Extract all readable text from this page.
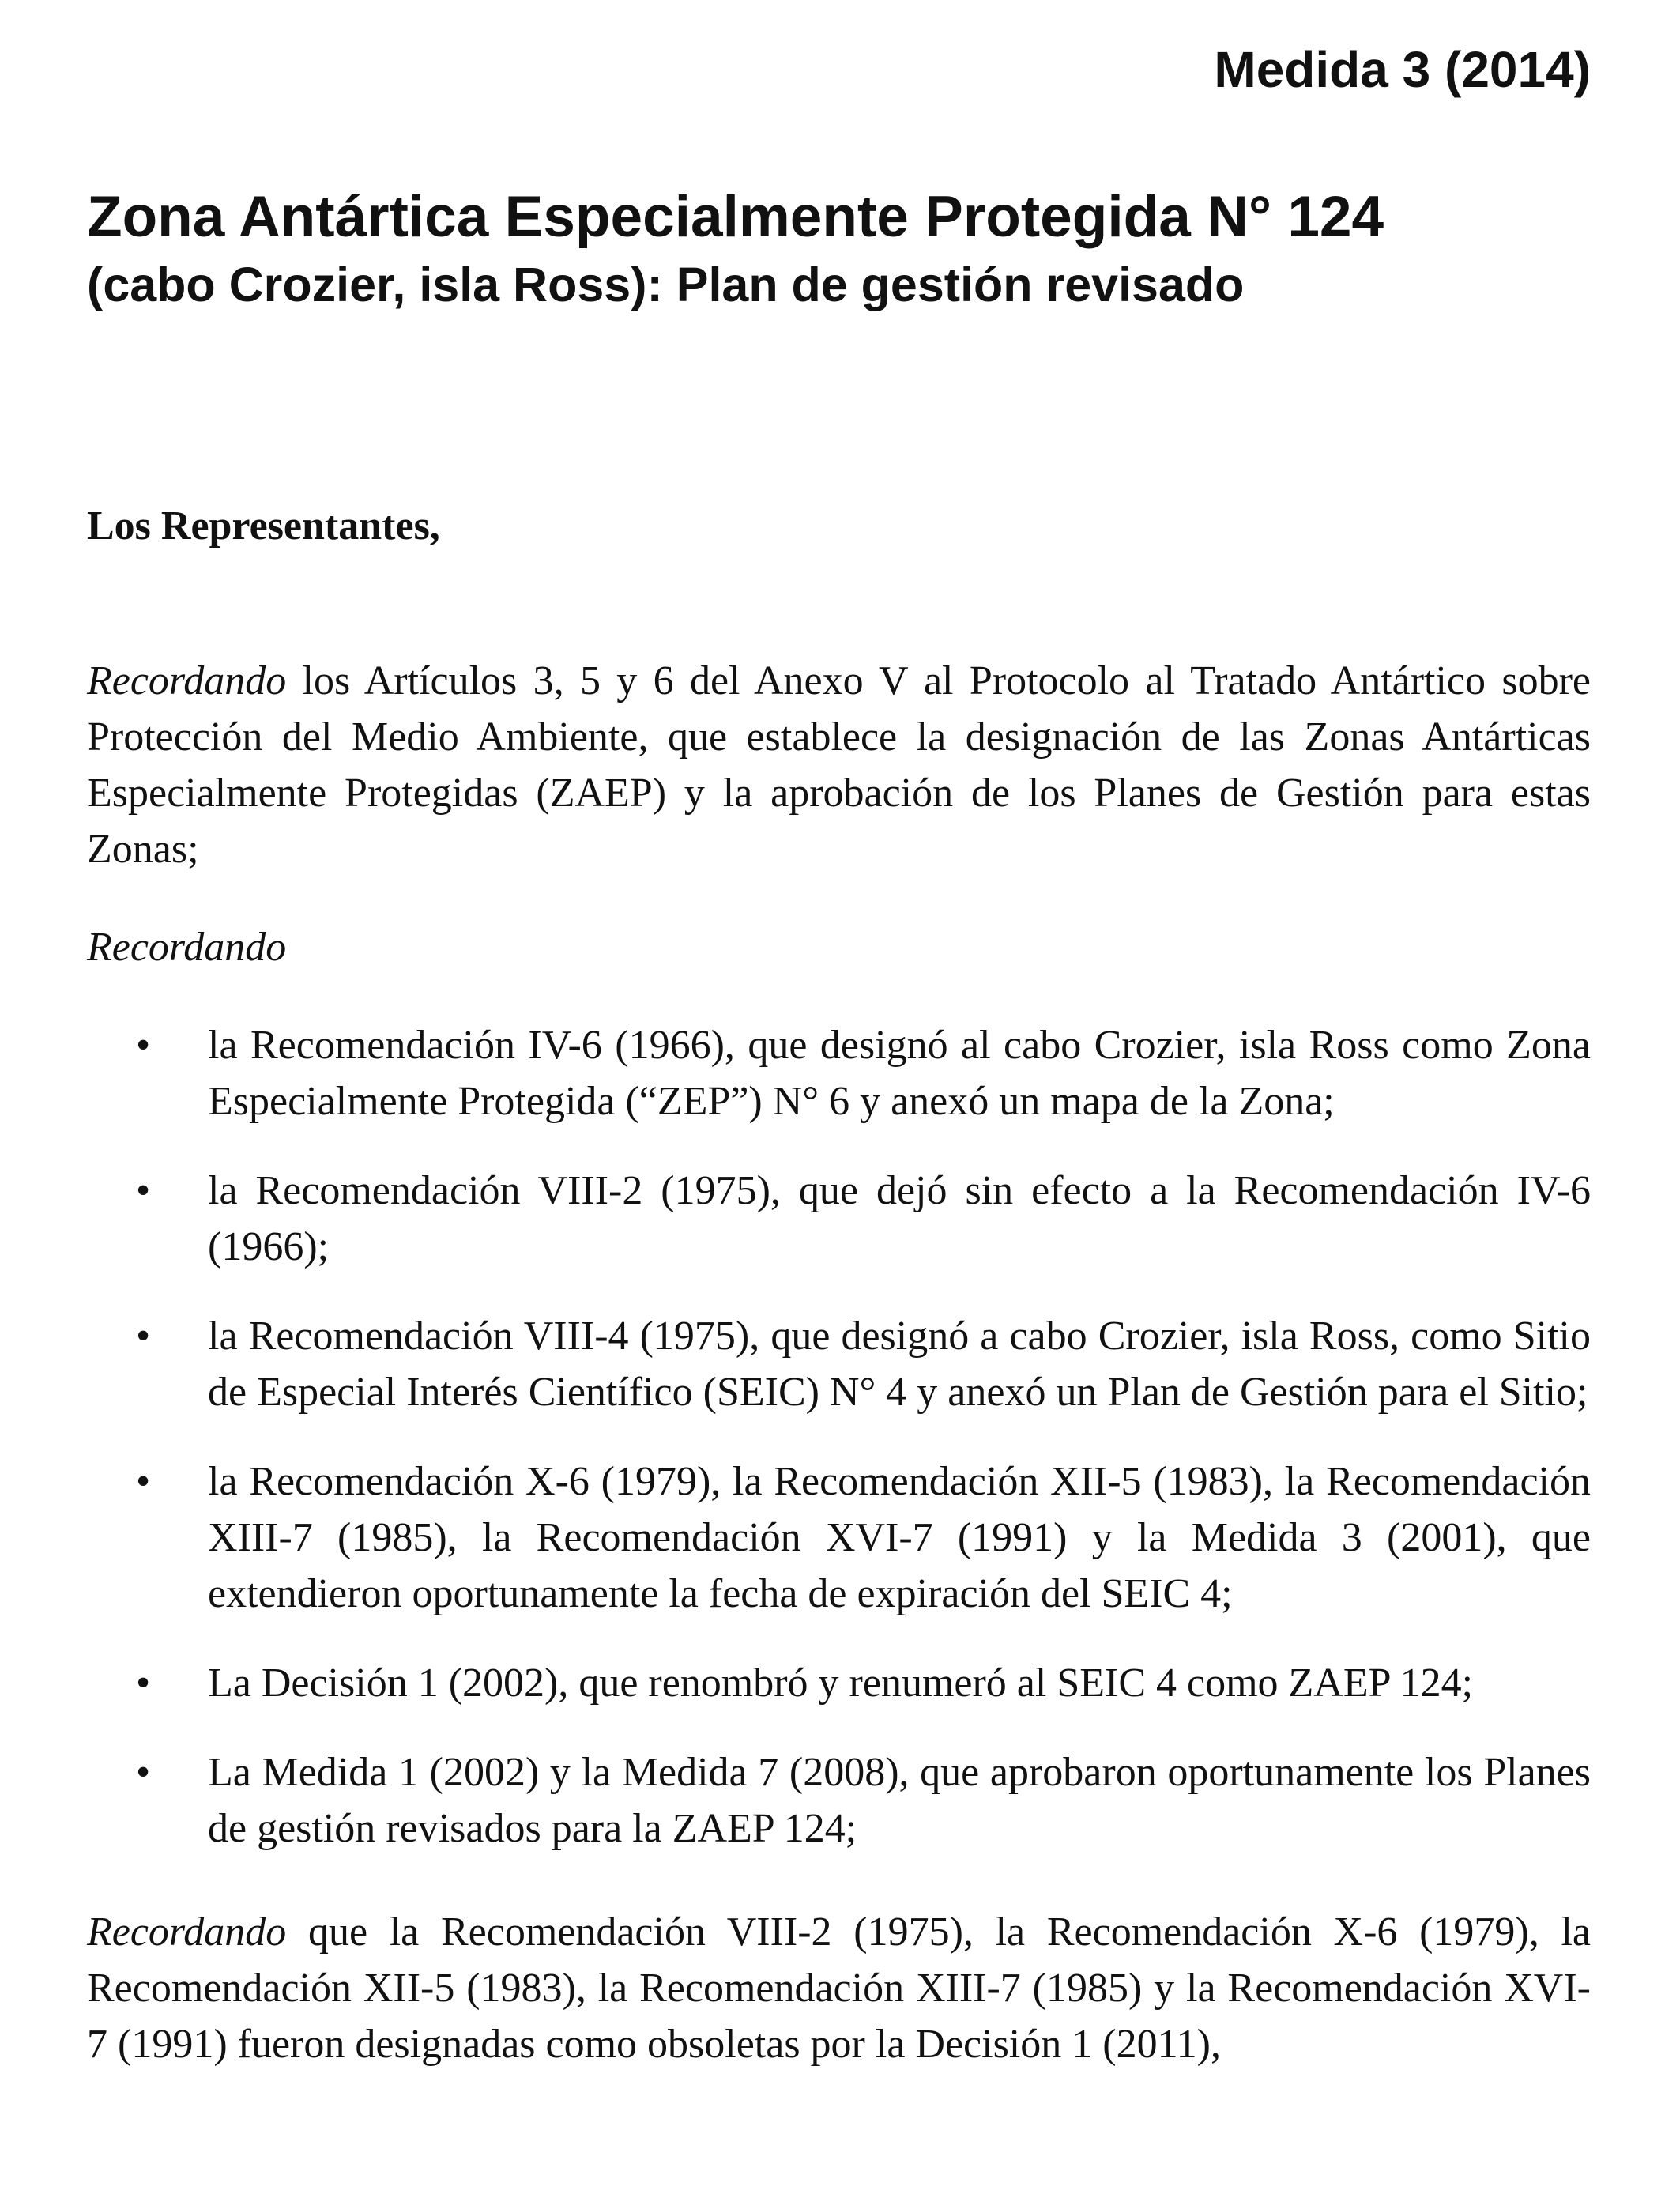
Medida 3 (2014)
Zona Antártica Especialmente Protegida N° 124
(cabo Crozier, isla Ross): Plan de gestión revisado

Los Representantes,

Recordando los Artículos 3, 5 y 6 del Anexo V al Protocolo al Tratado Antártico sobre Protección del Medio Ambiente, que establece la designación de las Zonas Antárticas Especialmente Protegidas (ZAEP) y la aprobación de los Planes de Gestión para estas Zonas;

Recordando

• la Recomendación IV-6 (1966), que designó al cabo Crozier, isla Ross como Zona Especialmente Protegida (“ZEP”) N° 6 y anexó un mapa de la Zona;
• la Recomendación VIII-2 (1975), que dejó sin efecto a la Recomendación IV-6 (1966);
• la Recomendación VIII-4 (1975), que designó a cabo Crozier, isla Ross, como Sitio de Especial Interés Científico (SEIC) N° 4 y anexó un Plan de Gestión para el Sitio;
• la Recomendación X-6 (1979), la Recomendación XII-5 (1983), la Recomendación XIII-7 (1985), la Recomendación XVI-7 (1991) y la Medida 3 (2001), que extendieron oportunamente la fecha de expiración del SEIC 4;
• La Decisión 1 (2002), que renombró y renumeró al SEIC 4 como ZAEP 124;
• La Medida 1 (2002) y la Medida 7 (2008), que aprobaron oportunamente los Planes de gestión revisados para la ZAEP 124;

Recordando que la Recomendación VIII-2 (1975), la Recomendación X-6 (1979), la Recomendación XII-5 (1983), la Recomendación XIII-7 (1985) y la Recomendación XVI-7 (1991) fueron designadas como obsoletas por la Decisión 1 (2011),
